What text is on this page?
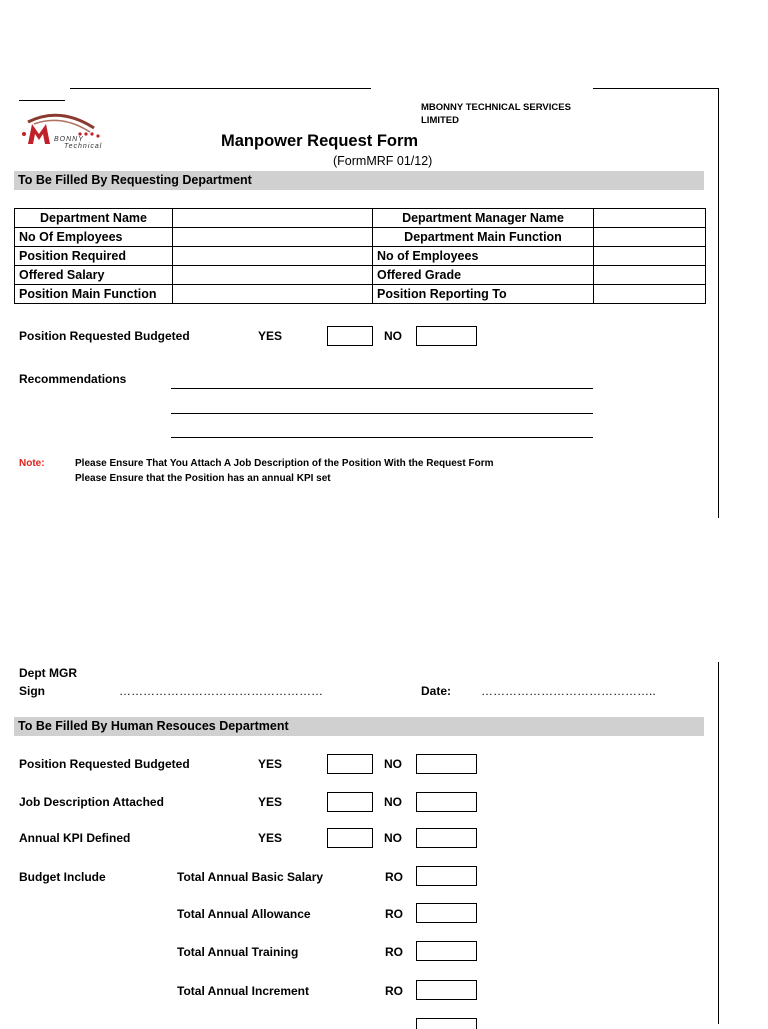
BONNY
Technical
MBONNY TECHNICAL SERVICES LIMITED
Manpower Request Form
(FormMRF 01/12)
To Be Filled By Requesting Department
Department Name		Department Manager Name	
No Of Employees		Department Main Function	
Position Required		No of Employees	
Offered Salary		Offered Grade	
Position Main Function		Position Reporting To	
Position Requested Budgeted	YES	NO
Recommendations
Note:	Please Ensure That You Attach A Job Description of the Position With the Request Form
Please Ensure that the Position has an annual KPI set
Dept MGR
Sign	……………………………………………	Date: ……………………………………..
To Be Filled By Human Resouces Department
Position Requested Budgeted	YES	NO
Job Description Attached	YES	NO
Annual KPI Defined	YES	NO
Budget Include	Total Annual Basic Salary	RO
Total Annual Allowance	RO
Total Annual Training	RO
Total Annual Increment	RO
